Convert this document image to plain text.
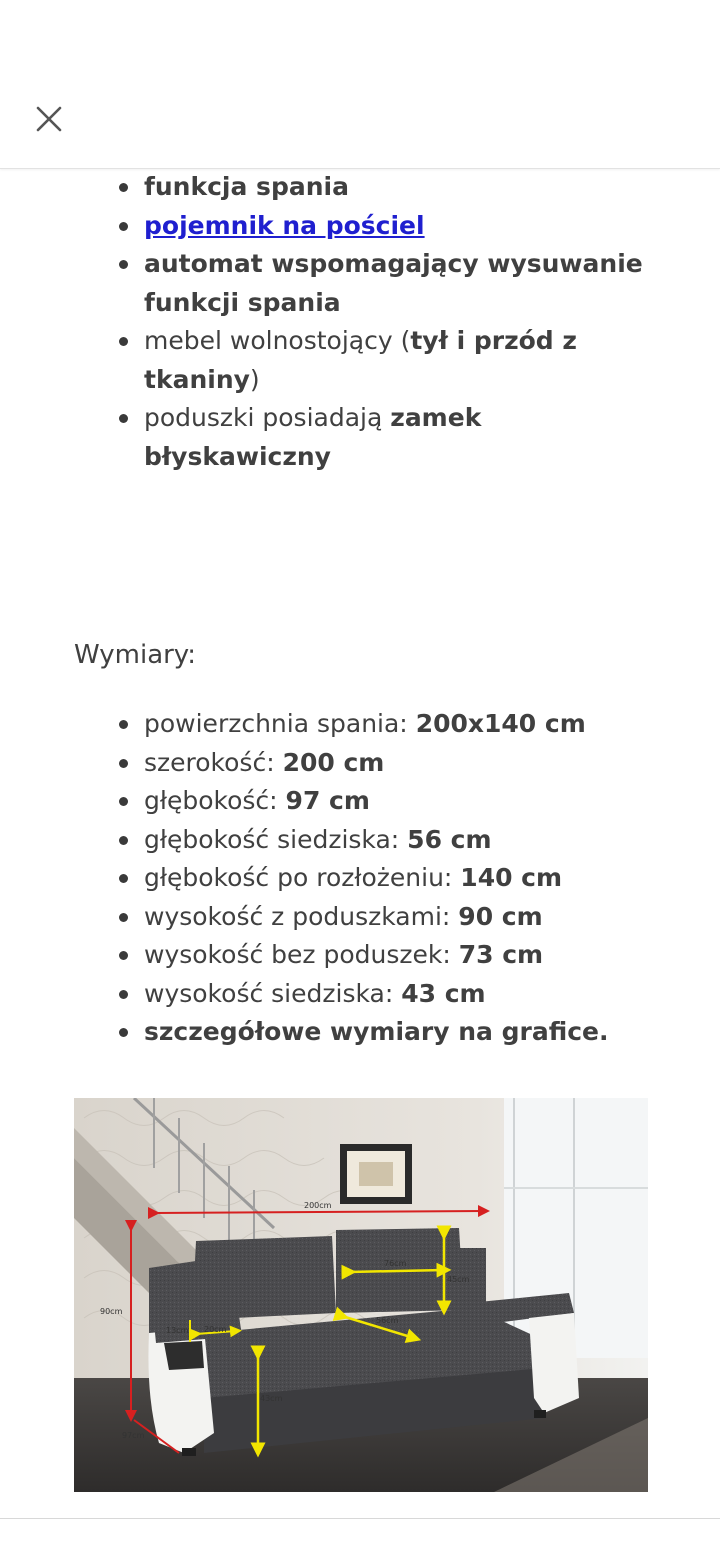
funkcja spania
pojemnik na pościel
automat wspomagający wysuwanie funkcji spania
mebel wolnostojący (tył i przód z tkaniny)
poduszki posiadają zamek błyskawiczny
Wymiary:
powierzchnia spania: 200x140 cm
szerokość: 200 cm
głębokość: 97 cm
głębokość siedziska: 56 cm
głębokość po rozłożeniu: 140 cm
wysokość z poduszkami: 90 cm
wysokość bez poduszek: 73 cm
wysokość siedziska: 43 cm
szczegółowe wymiary na grafice.
200cm
90cm
97cm
76cm
45cm
56cm
13cm 20cm
43cm
